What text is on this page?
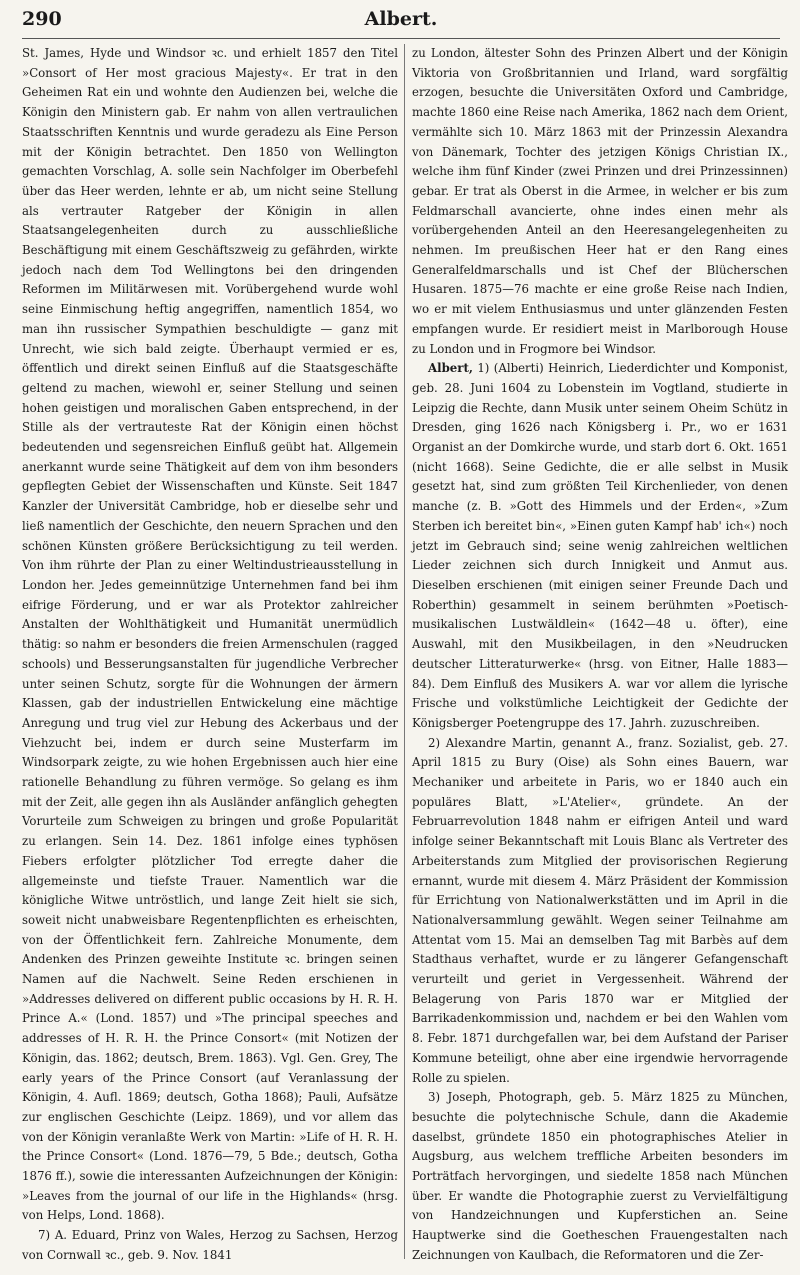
290	Albert.

St. James, Hyde und Windsor ꝛc. und erhielt 1857 den Titel »Consort of Her most gracious Majesty«. Er trat in den Geheimen Rat ein und wohnte den Audienzen bei, welche die Königin den Ministern gab. Er nahm von allen vertraulichen Staatsschriften Kenntnis und wurde geradezu als Eine Person mit der Königin betrachtet. Den 1850 von Wellington gemachten Vorschlag, A. solle sein Nachfolger im Oberbefehl über das Heer werden, lehnte er ab, um nicht seine Stellung als vertrauter Ratgeber der Königin in allen Staatsangelegenheiten durch zu ausschließliche Beschäftigung mit einem Geschäftszweig zu gefährden, wirkte jedoch nach dem Tod Wellingtons bei den dringenden Reformen im Militärwesen mit. Vorübergehend wurde wohl seine Einmischung heftig angegriffen, namentlich 1854, wo man ihn russischer Sympathien beschuldigte — ganz mit Unrecht, wie sich bald zeigte. Überhaupt vermied er es, öffentlich und direkt seinen Einfluß auf die Staatsgeschäfte geltend zu machen, wiewohl er, seiner Stellung und seinen hohen geistigen und moralischen Gaben entsprechend, in der Stille als der vertrauteste Rat der Königin einen höchst bedeutenden und segensreichen Einfluß geübt hat. Allgemein anerkannt wurde seine Thätigkeit auf dem von ihm besonders gepflegten Gebiet der Wissenschaften und Künste. Seit 1847 Kanzler der Universität Cambridge, hob er dieselbe sehr und ließ namentlich der Geschichte, den neuern Sprachen und den schönen Künsten größere Berücksichtigung zu teil werden. Von ihm rührte der Plan zu einer Weltindustrieausstellung in London her. Jedes gemeinnützige Unternehmen fand bei ihm eifrige Förderung, und er war als Protektor zahlreicher Anstalten der Wohlthätigkeit und Humanität unermüdlich thätig: so nahm er besonders die freien Armenschulen (ragged schools) und Besserungsanstalten für jugendliche Verbrecher unter seinen Schutz, sorgte für die Wohnungen der ärmern Klassen, gab der industriellen Entwickelung eine mächtige Anregung und trug viel zur Hebung des Ackerbaus und der Viehzucht bei, indem er durch seine Musterfarm im Windsorpark zeigte, zu wie hohen Ergebnissen auch hier eine rationelle Behandlung zu führen vermöge. So gelang es ihm mit der Zeit, alle gegen ihn als Ausländer anfänglich gehegten Vorurteile zum Schweigen zu bringen und große Popularität zu erlangen. Sein 14. Dez. 1861 infolge eines typhösen Fiebers erfolgter plötzlicher Tod erregte daher die allgemeinste und tiefste Trauer. Namentlich war die königliche Witwe untröstlich, und lange Zeit hielt sie sich, soweit nicht unabweisbare Regentenpflichten es erheischten, von der Öffentlichkeit fern. Zahlreiche Monumente, dem Andenken des Prinzen geweihte Institute ꝛc. bringen seinen Namen auf die Nachwelt. Seine Reden erschienen in »Addresses delivered on different public occasions by H. R. H. Prince A.« (Lond. 1857) und »The principal speeches and addresses of H. R. H. the Prince Consort« (mit Notizen der Königin, das. 1862; deutsch, Brem. 1863). Vgl. Gen. Grey, The early years of the Prince Consort (auf Veranlassung der Königin, 4. Aufl. 1869; deutsch, Gotha 1868); Pauli, Aufsätze zur englischen Geschichte (Leipz. 1869), und vor allem das von der Königin veranlaßte Werk von Martin: »Life of H. R. H. the Prince Consort« (Lond. 1876—79, 5 Bde.; deutsch, Gotha 1876 ff.), sowie die interessanten Aufzeichnungen der Königin: »Leaves from the journal of our life in the Highlands« (hrsg. von Helps, Lond. 1868).

7) A. Eduard, Prinz von Wales, Herzog zu Sachsen, Herzog von Cornwall ꝛc., geb. 9. Nov. 1841

zu London, ältester Sohn des Prinzen Albert und der Königin Viktoria von Großbritannien und Irland, ward sorgfältig erzogen, besuchte die Universitäten Oxford und Cambridge, machte 1860 eine Reise nach Amerika, 1862 nach dem Orient, vermählte sich 10. März 1863 mit der Prinzessin Alexandra von Dänemark, Tochter des jetzigen Königs Christian IX., welche ihm fünf Kinder (zwei Prinzen und drei Prinzessinnen) gebar. Er trat als Oberst in die Armee, in welcher er bis zum Feldmarschall avancierte, ohne indes einen mehr als vorübergehenden Anteil an den Heeresangelegenheiten zu nehmen. Im preußischen Heer hat er den Rang eines Generalfeldmarschalls und ist Chef der Blücherschen Husaren. 1875—76 machte er eine große Reise nach Indien, wo er mit vielem Enthusiasmus und unter glänzenden Festen empfangen wurde. Er residiert meist in Marlborough House zu London und in Frogmore bei Windsor.

Albert, 1) (Alberti) Heinrich, Liederdichter und Komponist, geb. 28. Juni 1604 zu Lobenstein im Vogtland, studierte in Leipzig die Rechte, dann Musik unter seinem Oheim Schütz in Dresden, ging 1626 nach Königsberg i. Pr., wo er 1631 Organist an der Domkirche wurde, und starb dort 6. Okt. 1651 (nicht 1668). Seine Gedichte, die er alle selbst in Musik gesetzt hat, sind zum größten Teil Kirchenlieder, von denen manche (z. B. »Gott des Himmels und der Erden«, »Zum Sterben ich bereitet bin«, »Einen guten Kampf hab' ich«) noch jetzt im Gebrauch sind; seine wenig zahlreichen weltlichen Lieder zeichnen sich durch Innigkeit und Anmut aus. Dieselben erschienen (mit einigen seiner Freunde Dach und Roberthin) gesammelt in seinem berühmten »Poetisch-musikalischen Lustwäldlein« (1642—48 u. öfter), eine Auswahl, mit den Musikbeilagen, in den »Neudrucken deutscher Litteraturwerke« (hrsg. von Eitner, Halle 1883—84). Dem Einfluß des Musikers A. war vor allem die lyrische Frische und volkstümliche Leichtigkeit der Gedichte der Königsberger Poetengruppe des 17. Jahrh. zuzuschreiben.

2) Alexandre Martin, genannt A., franz. Sozialist, geb. 27. April 1815 zu Bury (Oise) als Sohn eines Bauern, war Mechaniker und arbeitete in Paris, wo er 1840 auch ein populäres Blatt, »L'Atelier«, gründete. An der Februarrevolution 1848 nahm er eifrigen Anteil und ward infolge seiner Bekanntschaft mit Louis Blanc als Vertreter des Arbeiterstands zum Mitglied der provisorischen Regierung ernannt, wurde mit diesem 4. März Präsident der Kommission für Errichtung von Nationalwerkstätten und im April in die Nationalversammlung gewählt. Wegen seiner Teilnahme am Attentat vom 15. Mai an demselben Tag mit Barbès auf dem Stadthaus verhaftet, wurde er zu längerer Gefangenschaft verurteilt und geriet in Vergessenheit. Während der Belagerung von Paris 1870 war er Mitglied der Barrikadenkommission und, nachdem er bei den Wahlen vom 8. Febr. 1871 durchgefallen war, bei dem Aufstand der Pariser Kommune beteiligt, ohne aber eine irgendwie hervorragende Rolle zu spielen.

3) Joseph, Photograph, geb. 5. März 1825 zu München, besuchte die polytechnische Schule, dann die Akademie daselbst, gründete 1850 ein photographisches Atelier in Augsburg, aus welchem treffliche Arbeiten besonders im Porträtfach hervorgingen, und siedelte 1858 nach München über. Er wandte die Photographie zuerst zu Vervielfältigung von Handzeichnungen und Kupferstichen an. Seine Hauptwerke sind die Goetheschen Frauengestalten nach Zeichnungen von Kaulbach, die Reformatoren und die Zer-
